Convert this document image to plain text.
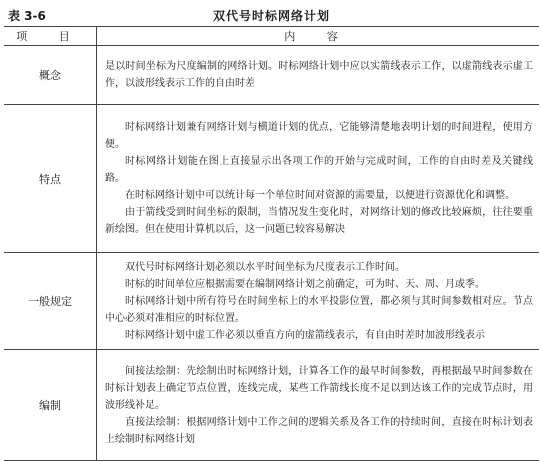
表 3-6	双代号时标网络计划
项 目	内 容
概念	是以时间坐标为尺度编制的网络计划。时标网络计划中应以实箭线表示工作，以虚箭线表示虚工作，以波形线表示工作的自由时差

特点	时标网络计划兼有网络计划与横道计划的优点，它能够清楚地表明计划的时间进程，使用方便。

时标网络计划能在图上直接显示出各项工作的开始与完成时间，工作的自由时差及关键线路。

在时标网络计划中可以统计每一个单位时间对资源的需要量，以便进行资源优化和调整。

由于箭线受到时间坐标的限制，当情况发生变化时，对网络计划的修改比较麻烦，往往要重新绘图。但在使用计算机以后，这一问题已较容易解决

一般规定	双代号时标网络计划必须以水平时间坐标为尺度表示工作时间。

时标的时间单位应根据需要在编制网络计划之前确定，可为时、天、周、月或季。

时标网络计划中所有符号在时间坐标上的水平投影位置，都必须与其时间参数相对应。节点中心必须对准相应的时标位置。

时标网络计划中虚工作必须以垂直方向的虚箭线表示，有自由时差时加波形线表示

编制	间接法绘制：先绘制出时标网络计划，计算各工作的最早时间参数，再根据最早时间参数在时标计划表上确定节点位置，连线完成，某些工作箭线长度不足以到达该工作的完成节点时，用波形线补足。

直接法绘制：根据网络计划中工作之间的逻辑关系及各工作的持续时间，直接在时标计划表上绘制时标网络计划
